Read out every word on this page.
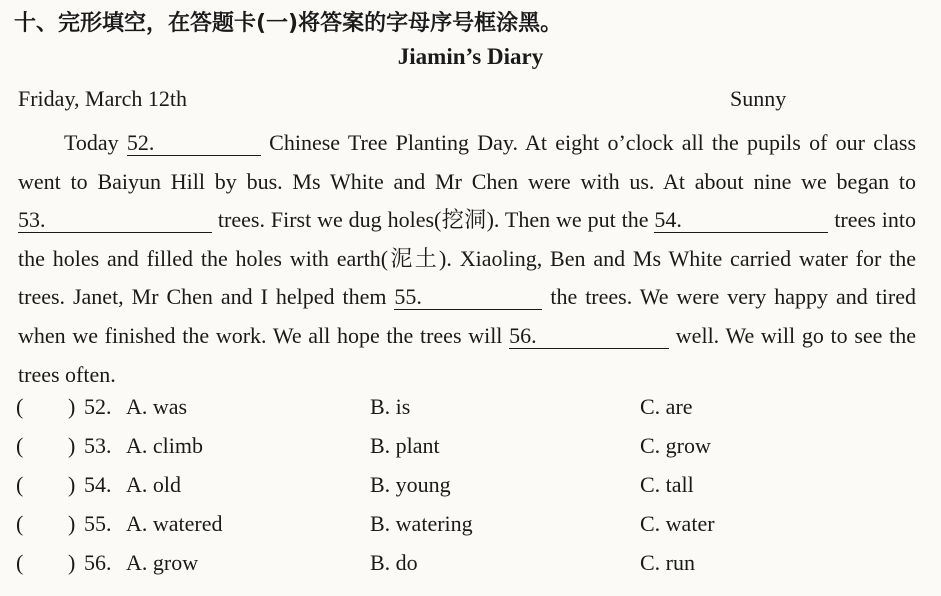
十、完形填空，在答题卡(一)将答案的字母序号框涂黑。
Jiamin’s Diary
Friday, March 12th	Sunny

Today 52.	Chinese Tree Planting Day. At eight o’clock all the pupils of our class went to Baiyun Hill by bus. Ms White and Mr Chen were with us. At about nine we began to 53.	trees. First we dug holes(挖洞). Then we put the 54.	trees into the holes and filled the holes with earth(泥土). Xiaoling, Ben and Ms White carried water for the trees. Janet, Mr Chen and I helped them 55.	the trees. We were very happy and tired when we finished the work. We all hope the trees will 56.	well. We will go to see the trees often.

( ) 52. A. was	B. is	C. are
( ) 53. A. climb	B. plant	C. grow
( ) 54. A. old	B. young	C. tall
( ) 55. A. watered	B. watering	C. water
( ) 56. A. grow	B. do	C. run
